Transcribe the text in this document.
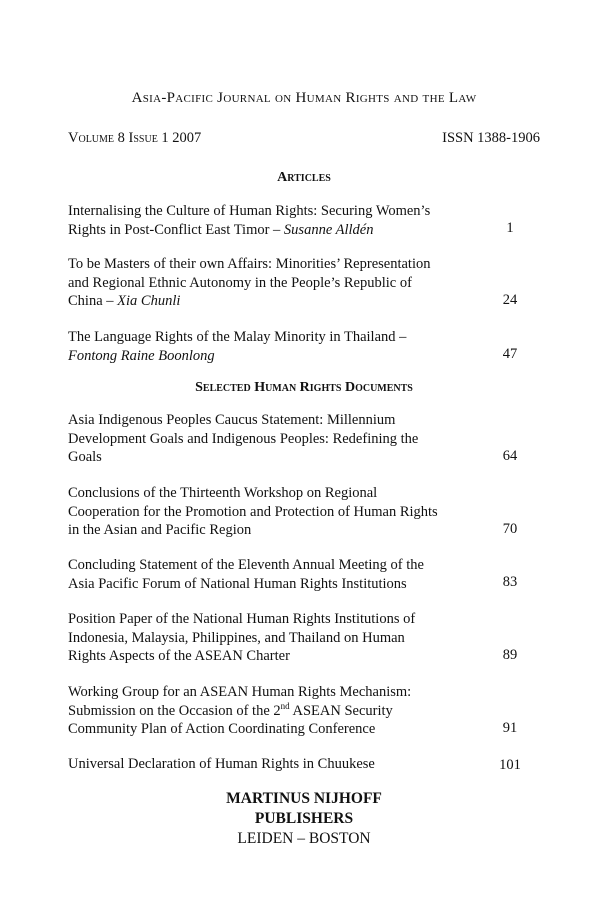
Asia-Pacific Journal on Human Rights and the Law
Volume 8 Issue 1 2007	ISSN 1388-1906
Articles
Internalising the Culture of Human Rights: Securing Women’s
Rights in Post-Conflict East Timor – Susanne Alldén	1
To be Masters of their own Affairs: Minorities’ Representation
and Regional Ethnic Autonomy in the People’s Republic of
China – Xia Chunli	24
The Language Rights of the Malay Minority in Thailand –
Fontong Raine Boonlong	47
Selected Human Rights Documents
Asia Indigenous Peoples Caucus Statement: Millennium
Development Goals and Indigenous Peoples: Redefining the
Goals	64
Conclusions of the Thirteenth Workshop on Regional
Cooperation for the Promotion and Protection of Human Rights
in the Asian and Pacific Region	70
Concluding Statement of the Eleventh Annual Meeting of the
Asia Pacific Forum of National Human Rights Institutions	83
Position Paper of the National Human Rights Institutions of
Indonesia, Malaysia, Philippines, and Thailand on Human
Rights Aspects of the ASEAN Charter	89
Working Group for an ASEAN Human Rights Mechanism:
Submission on the Occasion of the 2nd ASEAN Security
Community Plan of Action Coordinating Conference	91
Universal Declaration of Human Rights in Chuukese	101
MARTINUS NIJHOFF
PUBLISHERS
LEIDEN – BOSTON
